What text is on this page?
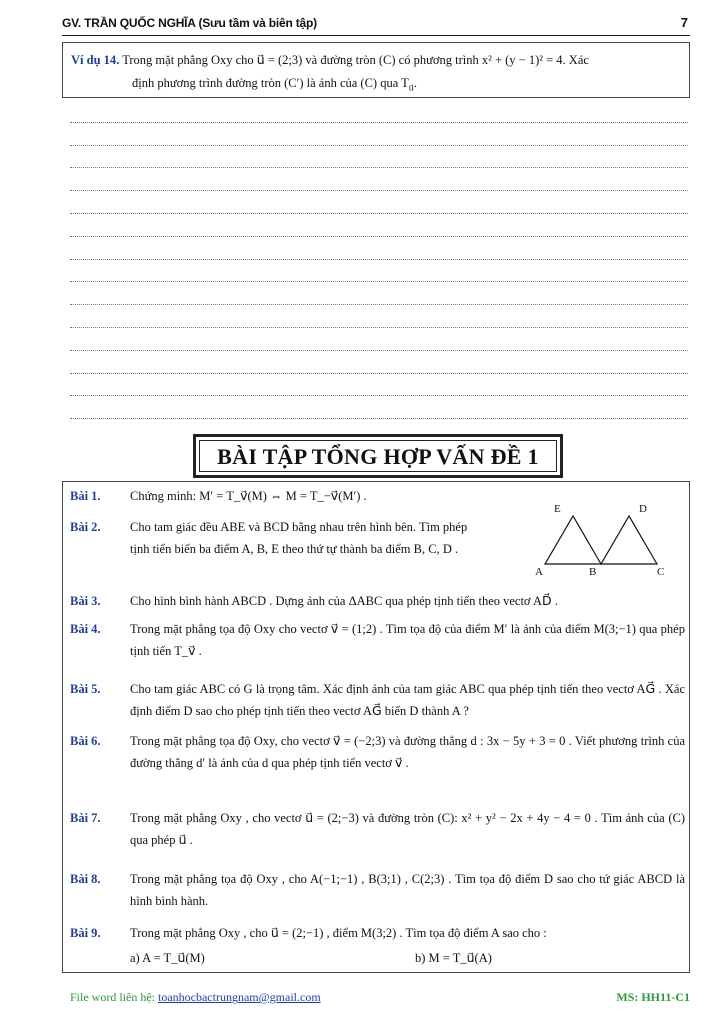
GV. TRẦN QUỐC NGHĨA (Sưu tầm và biên tập)	7
Ví dụ 14. Trong mặt phẳng Oxy cho u⃗ = (2;3) và đường tròn (C) có phương trình x² + (y − 1)² = 4. Xác
định phương trình đường tròn (C′) là ảnh của (C) qua $T_{u⃗}$.
BÀI TẬP TỔNG HỢP VẤN ĐỀ 1
Bài 1. Chứng minh: M′ = T_v⃗(M) ⇔ M = T_−v⃗(M′) .
Bài 2. Cho tam giác đều ABE và BCD bằng nhau trên hình bên. Tìm phép tịnh tiến biến ba điểm A, B, E theo thứ tự thành ba điểm B, C, D .
E	D
A	B	C
Bài 3. Cho hình bình hành ABCD . Dựng ảnh của ΔABC qua phép tịnh tiến theo vectơ AD⃗ .
Bài 4. Trong mặt phẳng tọa độ Oxy cho vectơ v⃗ = (1;2) . Tìm tọa độ của điểm M′ là ảnh của điểm M(3;−1) qua phép tịnh tiến T_v⃗ .
Bài 5. Cho tam giác ABC có G là trọng tâm. Xác định ảnh của tam giác ABC qua phép tịnh tiến theo vectơ AG⃗ . Xác định điểm D sao cho phép tịnh tiến theo vectơ AG⃗ biến D thành A ?
Bài 6. Trong mặt phẳng tọa độ Oxy, cho vectơ v⃗ = (−2;3) và đường thẳng d : 3x − 5y + 3 = 0 . Viết phương trình của đường thẳng d′ là ảnh của d qua phép tịnh tiến vectơ v⃗ .
Bài 7. Trong mặt phẳng Oxy , cho vectơ u⃗ = (2;−3) và đường tròn (C): x² + y² − 2x + 4y − 4 = 0 . Tìm ảnh của (C) qua phép u⃗ .
Bài 8. Trong mặt phẳng tọa độ Oxy , cho A(−1;−1) , B(3;1) , C(2;3) . Tìm tọa độ điểm D sao cho tứ giác ABCD là hình bình hành.
Bài 9. Trong mặt phẳng Oxy , cho u⃗ = (2;−1) , điểm M(3;2) . Tìm tọa độ điểm A sao cho :
a) A = T_u⃗(M)	b) M = T_u⃗(A)
File word liên hệ: toanhocbactrungnam@gmail.com	MS: HH11-C1
